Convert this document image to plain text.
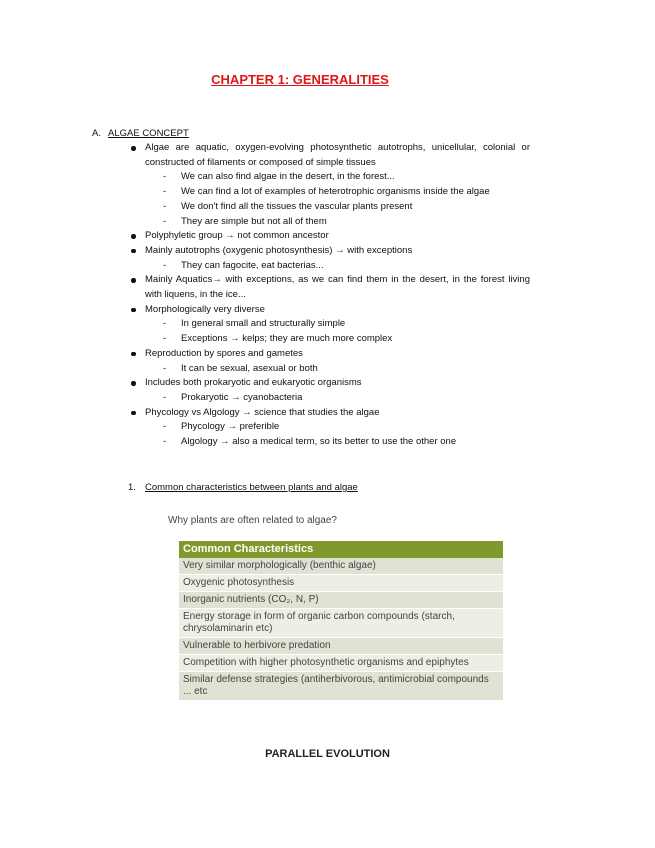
CHAPTER 1: GENERALITIES
A. ALGAE CONCEPT
Algae are aquatic, oxygen-evolving photosynthetic autotrophs, unicellular, colonial or constructed of filaments or composed of simple tissues
- We can also find algae in the desert, in the forest...
- We can find a lot of examples of heterotrophic organisms inside the algae
- We don't find all the tissues the vascular plants present
- They are simple but not all of them
Polyphyletic group → not common ancestor
Mainly autotrophs (oxygenic photosynthesis) → with exceptions
- They can fagocite, eat bacterias...
Mainly Aquatics→ with exceptions, as we can find them in the desert, in the forest living with liquens, in the ice...
Morphologically very diverse
- In general small and structurally simple
- Exceptions → kelps; they are much more complex
Reproduction by spores and gametes
- It can be sexual, asexual or both
Includes both prokaryotic and eukaryotic organisms
- Prokaryotic → cyanobacteria
Phycology vs Algology → science that studies the algae
- Phycology → preferible
- Algology → also a medical term, so its better to use the other one
1. Common characteristics between plants and algae
Why plants are often related to algae?
Common Characteristics
Very similar morphologically (benthic algae)
Oxygenic photosynthesis
Inorganic nutrients (CO₂, N, P)
Energy storage in form of organic carbon compounds (starch, chrysolaminarin etc)
Vulnerable to herbivore predation
Competition with higher photosynthetic organisms and epiphytes
Similar defense strategies (antiherbivorous, antimicrobial compounds ... etc
PARALLEL EVOLUTION
